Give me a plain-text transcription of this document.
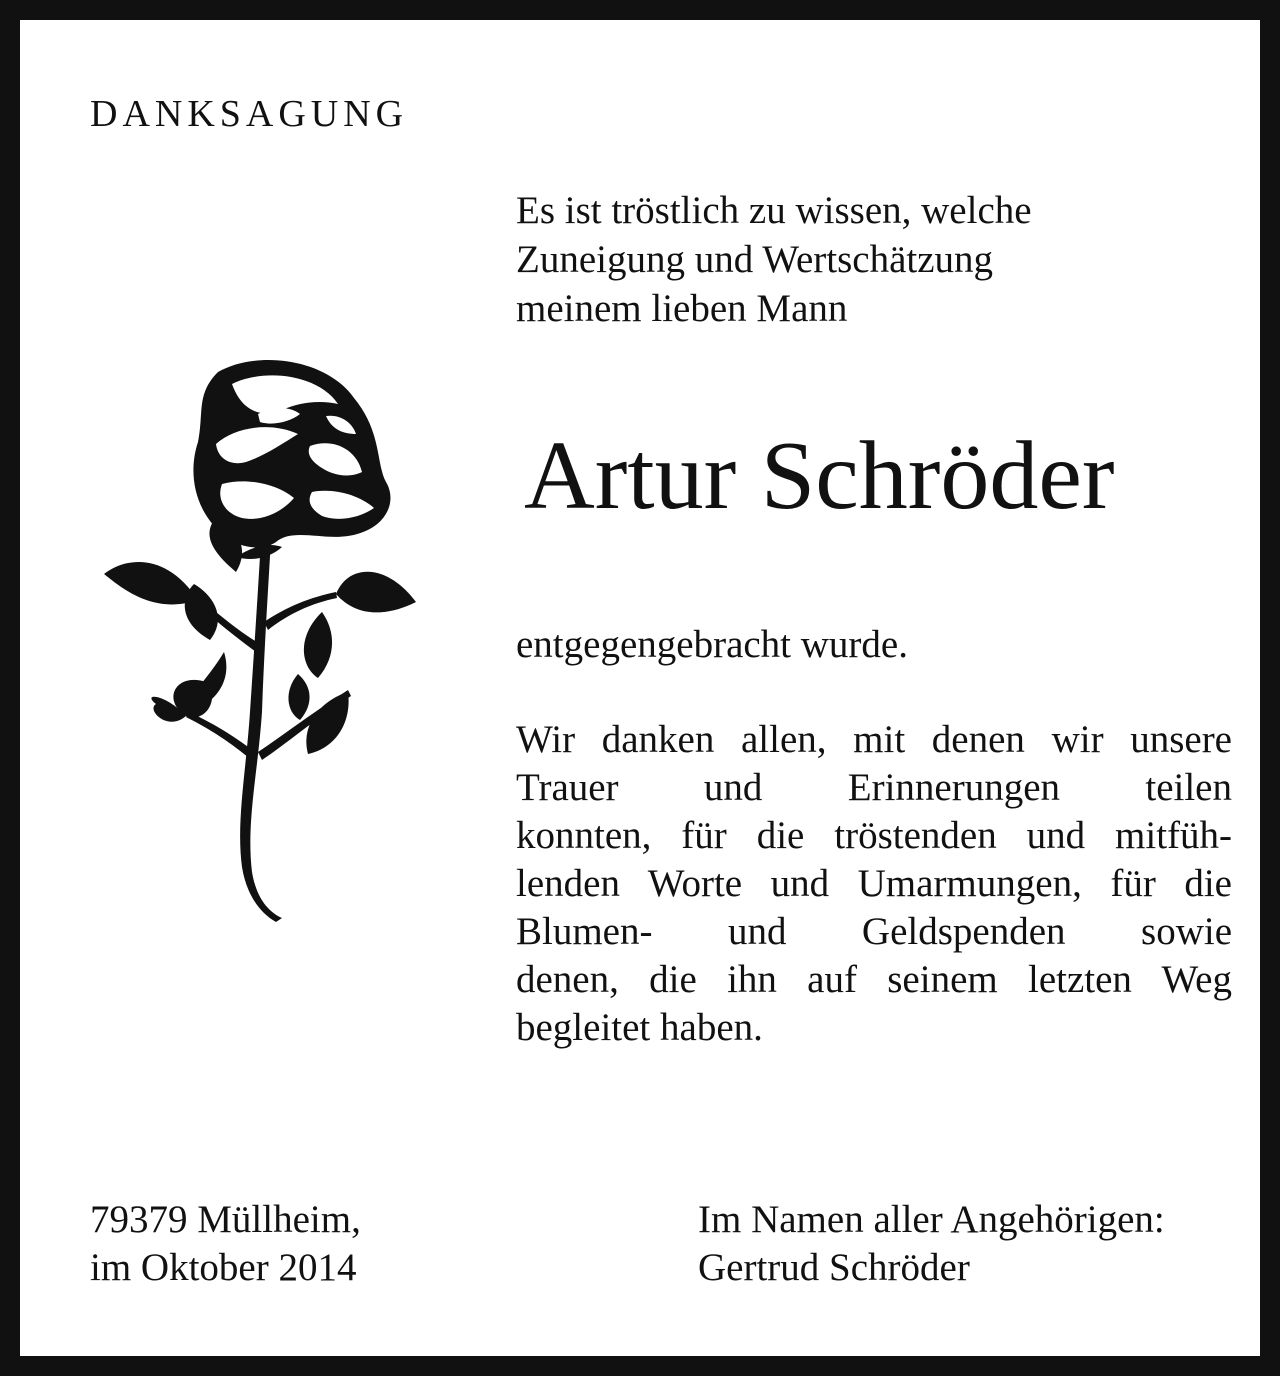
DANKSAGUNG
Es ist tröstlich zu wissen, welche
Zuneigung und Wertschätzung
meinem lieben Mann
Artur Schröder
entgegengebracht wurde.
Wir danken allen, mit denen wir unsere
Trauer und Erinnerungen teilen
konnten, für die tröstenden und mitfüh-
lenden Worte und Umarmungen, für die
Blumen- und Geldspenden sowie
denen, die ihn auf seinem letzten Weg
begleitet haben.
79379 Müllheim,
im Oktober 2014
Im Namen aller Angehörigen:
Gertrud Schröder
